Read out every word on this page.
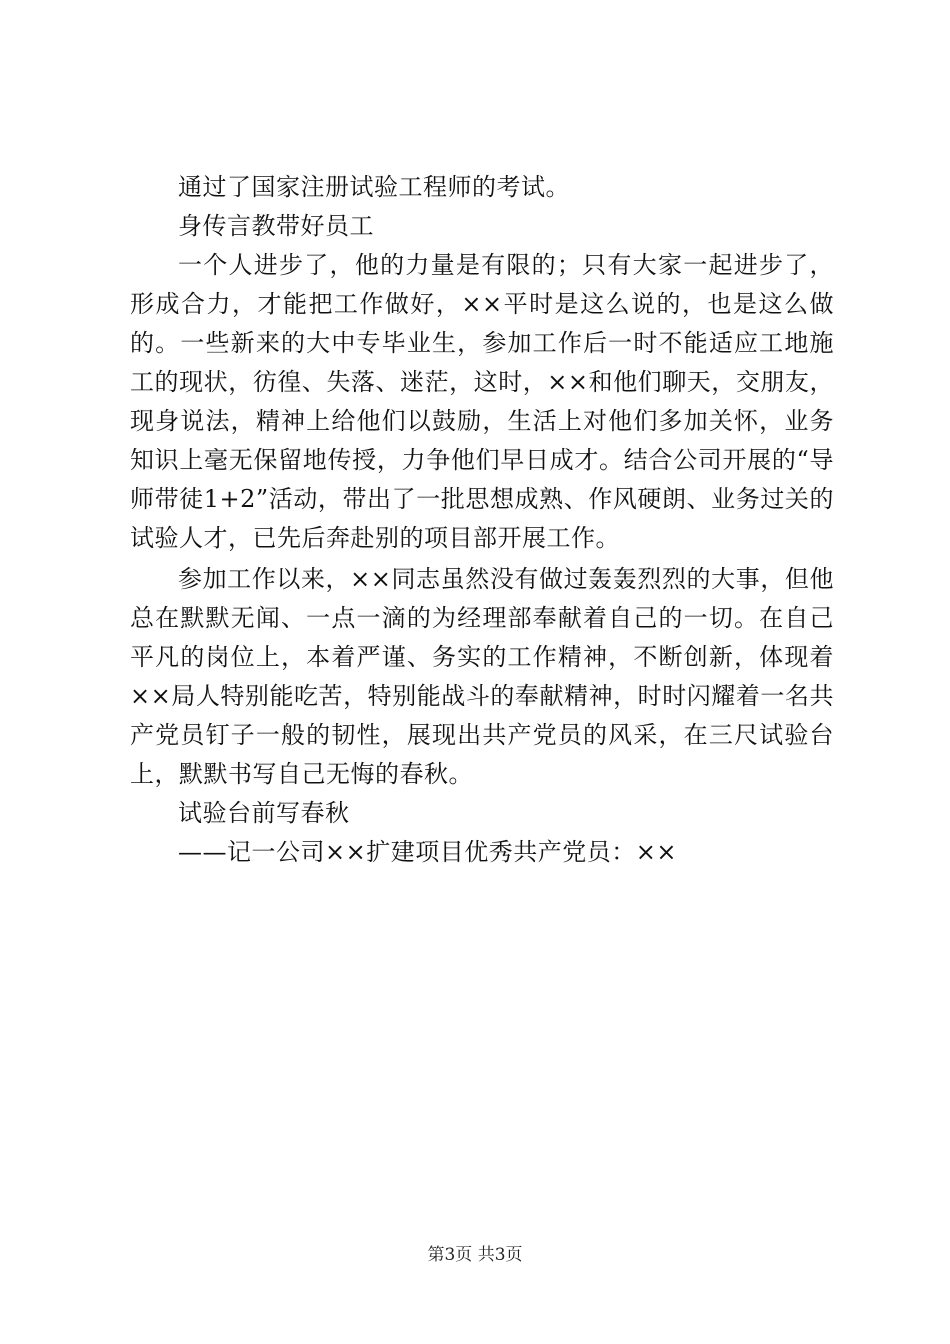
通过了国家注册试验工程师的考试。

身传言教带好员工

一个人进步了，他的力量是有限的；只有大家一起进步了，形成合力，才能把工作做好，××平时是这么说的，也是这么做的。一些新来的大中专毕业生，参加工作后一时不能适应工地施工的现状，彷徨、失落、迷茫，这时，××和他们聊天，交朋友，现身说法，精神上给他们以鼓励，生活上对他们多加关怀，业务知识上毫无保留地传授，力争他们早日成才。结合公司开展的“导师带徒1+2”活动，带出了一批思想成熟、作风硬朗、业务过关的试验人才，已先后奔赴别的项目部开展工作。

参加工作以来，××同志虽然没有做过轰轰烈烈的大事，但他总在默默无闻、一点一滴的为经理部奉献着自己的一切。在自己平凡的岗位上，本着严谨、务实的工作精神，不断创新，体现着××局人特别能吃苦，特别能战斗的奉献精神，时时闪耀着一名共产党员钉子一般的韧性，展现出共产党员的风采，在三尺试验台上，默默书写自己无悔的春秋。

试验台前写春秋

——记一公司××扩建项目优秀共产党员：××

第3页 共3页
